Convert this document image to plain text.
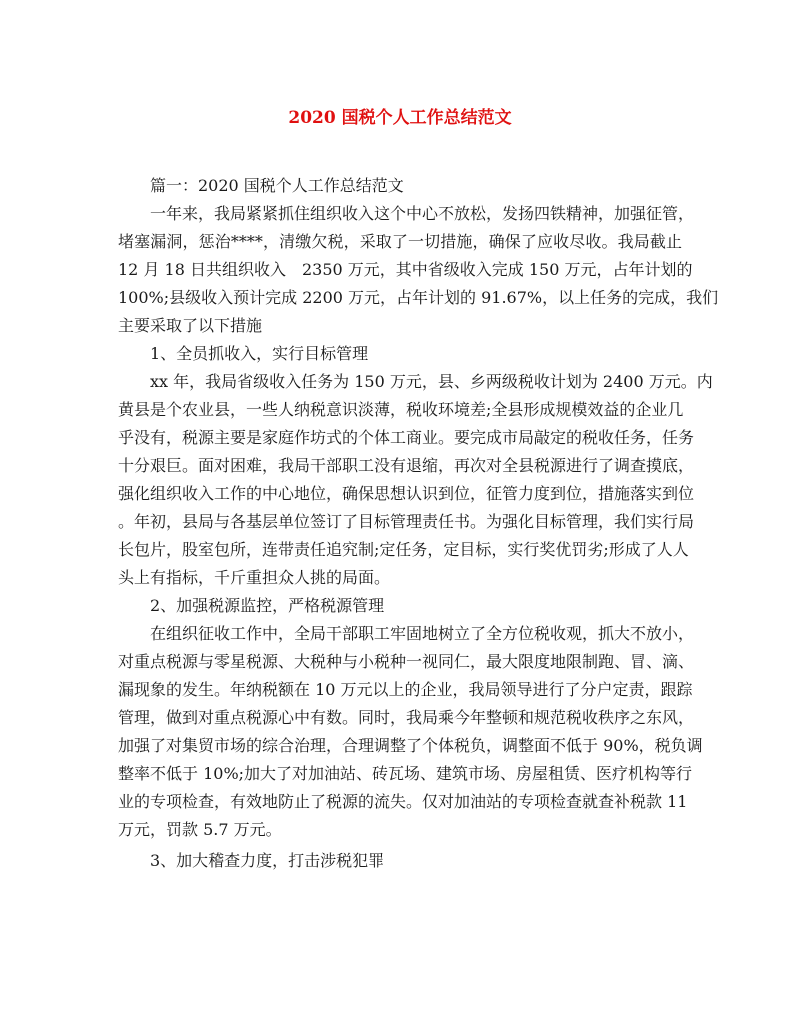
2020 国税个人工作总结范文
篇一：2020 国税个人工作总结范文
一年来，我局紧紧抓住组织收入这个中心不放松，发扬四铁精神，加强征管，
堵塞漏洞，惩治****，清缴欠税，采取了一切措施，确保了应收尽收。我局截止
12 月 18 日共组织收入　2350 万元，其中省级收入完成 150 万元，占年计划的
100%;县级收入预计完成 2200 万元，占年计划的 91.67%，以上任务的完成，我们
主要采取了以下措施
1、全员抓收入，实行目标管理
xx 年，我局省级收入任务为 150 万元，县、乡两级税收计划为 2400 万元。内
黄县是个农业县，一些人纳税意识淡薄，税收环境差;全县形成规模效益的企业几
乎没有，税源主要是家庭作坊式的个体工商业。要完成市局敲定的税收任务，任务
十分艰巨。面对困难，我局干部职工没有退缩，再次对全县税源进行了调查摸底，
强化组织收入工作的中心地位，确保思想认识到位，征管力度到位，措施落实到位
。年初，县局与各基层单位签订了目标管理责任书。为强化目标管理，我们实行局
长包片，股室包所，连带责任追究制;定任务，定目标，实行奖优罚劣;形成了人人
头上有指标，千斤重担众人挑的局面。
2、加强税源监控，严格税源管理
在组织征收工作中，全局干部职工牢固地树立了全方位税收观，抓大不放小，
对重点税源与零星税源、大税种与小税种一视同仁，最大限度地限制跑、冒、滴、
漏现象的发生。年纳税额在 10 万元以上的企业，我局领导进行了分户定责，跟踪
管理，做到对重点税源心中有数。同时，我局乘今年整顿和规范税收秩序之东风，
加强了对集贸市场的综合治理，合理调整了个体税负，调整面不低于 90%，税负调
整率不低于 10%;加大了对加油站、砖瓦场、建筑市场、房屋租赁、医疗机构等行
业的专项检查，有效地防止了税源的流失。仅对加油站的专项检查就查补税款 11
万元，罚款 5.7 万元。
3、加大稽查力度，打击涉税犯罪
